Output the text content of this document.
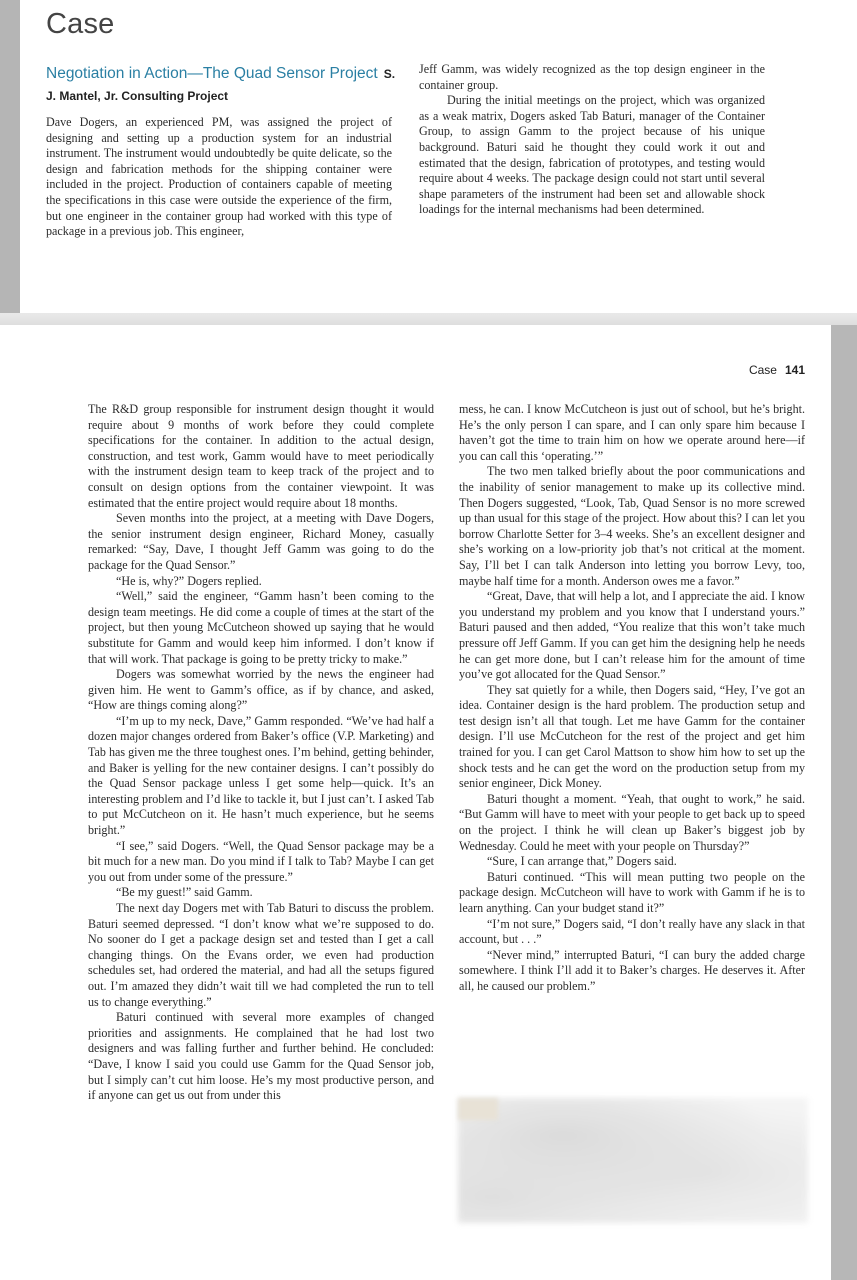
Case
Negotiation in Action—The Quad Sensor Project S. J. Mantel, Jr. Consulting Project

Dave Dogers, an experienced PM, was assigned the project of designing and setting up a production system for an industrial instrument. The instrument would undoubtedly be quite delicate, so the design and fabrication methods for the shipping container were included in the project. Production of containers capable of meeting the specifications in this case were outside the experience of the firm, but one engineer in the container group had worked with this type of package in a previous job. This engineer,

Jeff Gamm, was widely recognized as the top design engineer in the container group.

During the initial meetings on the project, which was organized as a weak matrix, Dogers asked Tab Baturi, manager of the Container Group, to assign Gamm to the project because of his unique background. Baturi said he thought they could work it out and estimated that the design, fabrication of prototypes, and testing would require about 4 weeks. The package design could not start until several shape parameters of the instrument had been set and allowable shock loadings for the internal mechanisms had been determined.

Case 141

The R&D group responsible for instrument design thought it would require about 9 months of work before they could complete specifications for the container. In addition to the actual design, construction, and test work, Gamm would have to meet periodically with the instrument design team to keep track of the project and to consult on design options from the container viewpoint. It was estimated that the entire project would require about 18 months.

Seven months into the project, at a meeting with Dave Dogers, the senior instrument design engineer, Richard Money, casually remarked: “Say, Dave, I thought Jeff Gamm was going to do the package for the Quad Sensor.”

“He is, why?” Dogers replied.

“Well,” said the engineer, “Gamm hasn’t been coming to the design team meetings. He did come a couple of times at the start of the project, but then young McCutcheon showed up saying that he would substitute for Gamm and would keep him informed. I don’t know if that will work. That package is going to be pretty tricky to make.”

Dogers was somewhat worried by the news the engineer had given him. He went to Gamm’s office, as if by chance, and asked, “How are things coming along?”

“I’m up to my neck, Dave,” Gamm responded. “We’ve had half a dozen major changes ordered from Baker’s office (V.P. Marketing) and Tab has given me the three toughest ones. I’m behind, getting behinder, and Baker is yelling for the new container designs. I can’t possibly do the Quad Sensor package unless I get some help—quick. It’s an interesting problem and I’d like to tackle it, but I just can’t. I asked Tab to put McCutcheon on it. He hasn’t much experience, but he seems bright.”

“I see,” said Dogers. “Well, the Quad Sensor package may be a bit much for a new man. Do you mind if I talk to Tab? Maybe I can get you out from under some of the pressure.”

“Be my guest!” said Gamm.

The next day Dogers met with Tab Baturi to discuss the problem. Baturi seemed depressed. “I don’t know what we’re supposed to do. No sooner do I get a package design set and tested than I get a call changing things. On the Evans order, we even had production schedules set, had ordered the material, and had all the setups figured out. I’m amazed they didn’t wait till we had completed the run to tell us to change everything.”

Baturi continued with several more examples of changed priorities and assignments. He complained that he had lost two designers and was falling further and further behind. He concluded: “Dave, I know I said you could use Gamm for the Quad Sensor job, but I simply can’t cut him loose. He’s my most productive person, and if anyone can get us out from under this

mess, he can. I know McCutcheon is just out of school, but he’s bright. He’s the only person I can spare, and I can only spare him because I haven’t got the time to train him on how we operate around here—if you can call this ‘operating.’”

The two men talked briefly about the poor communications and the inability of senior management to make up its collective mind. Then Dogers suggested, “Look, Tab, Quad Sensor is no more screwed up than usual for this stage of the project. How about this? I can let you borrow Charlotte Setter for 3–4 weeks. She’s an excellent designer and she’s working on a low-priority job that’s not critical at the moment. Say, I’ll bet I can talk Anderson into letting you borrow Levy, too, maybe half time for a month. Anderson owes me a favor.”

“Great, Dave, that will help a lot, and I appreciate the aid. I know you understand my problem and you know that I understand yours.” Baturi paused and then added, “You realize that this won’t take much pressure off Jeff Gamm. If you can get him the designing help he needs he can get more done, but I can’t release him for the amount of time you’ve got allocated for the Quad Sensor.”

They sat quietly for a while, then Dogers said, “Hey, I’ve got an idea. Container design is the hard problem. The production setup and test design isn’t all that tough. Let me have Gamm for the container design. I’ll use McCutcheon for the rest of the project and get him trained for you. I can get Carol Mattson to show him how to set up the shock tests and he can get the word on the production setup from my senior engineer, Dick Money.

Baturi thought a moment. “Yeah, that ought to work,” he said. “But Gamm will have to meet with your people to get back up to speed on the project. I think he will clean up Baker’s biggest job by Wednesday. Could he meet with your people on Thursday?”

“Sure, I can arrange that,” Dogers said.

Baturi continued. “This will mean putting two people on the package design. McCutcheon will have to work with Gamm if he is to learn anything. Can your budget stand it?”

“I’m not sure,” Dogers said, “I don’t really have any slack in that account, but . . .”

“Never mind,” interrupted Baturi, “I can bury the added charge somewhere. I think I’ll add it to Baker’s charges. He deserves it. After all, he caused our problem.”
